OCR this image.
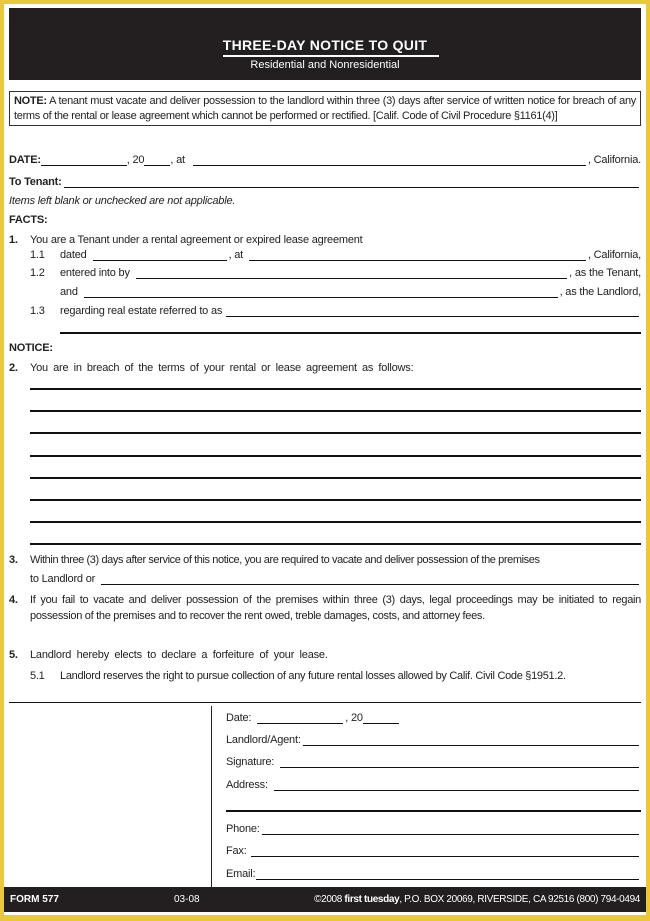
THREE-DAY NOTICE TO QUIT
Residential and Nonresidential
NOTE: A tenant must vacate and deliver possession to the landlord within three (3) days after service of written notice for breach of any terms of the rental or lease agreement which cannot be performed or rectified. [Calif. Code of Civil Procedure §1161(4)]
DATE:	, 20 , at	, California.
To Tenant:
Items left blank or unchecked are not applicable.
FACTS:
1.	You are a Tenant under a rental agreement or expired lease agreement
1.1	dated	, at	, California,
1.2	entered into by	, as the Tenant,
and	, as the Landlord,
1.3	regarding real estate referred to as
NOTICE:
2.	You are in breach of the terms of your rental or lease agreement as follows:
3. Within three (3) days after service of this notice, you are required to vacate and deliver possession of the premises
to Landlord or
4. If you fail to vacate and deliver possession of the premises within three (3) days, legal proceedings may be initiated to regain possession of the premises and to recover the rent owed, treble damages, costs, and attorney fees.
5.	Landlord hereby elects to declare a forfeiture of your lease.
5.1 Landlord reserves the right to pursue collection of any future rental losses allowed by Calif. Civil Code §1951.2.
Date:	, 20
Landlord/Agent:
Signature:
Address:
Phone:
Fax:
Email:
FORM 577	03-08	©2008 first tuesday, P.O. BOX 20069, RIVERSIDE, CA 92516 (800) 794-0494
